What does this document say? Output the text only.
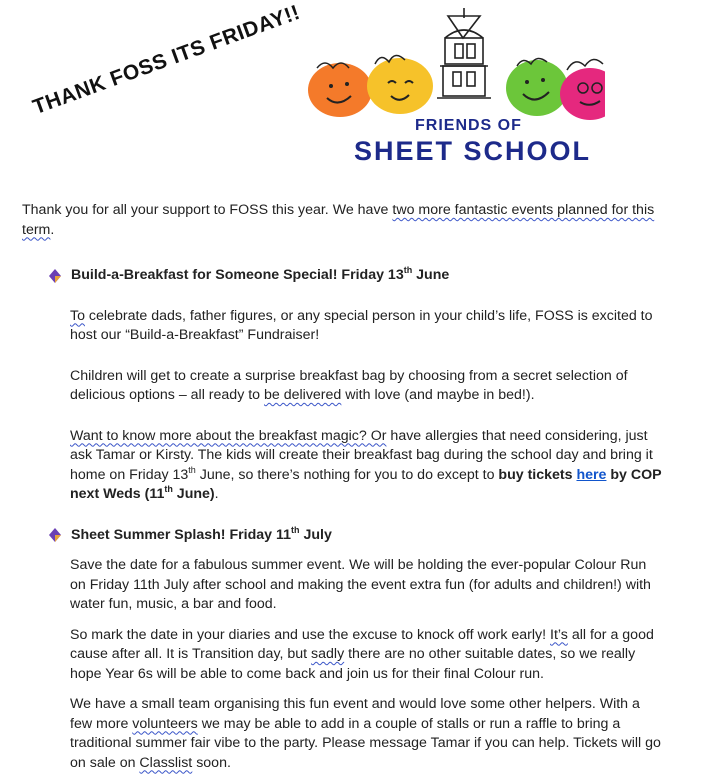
THANK FOSS ITS FRIDAY!!
FRIENDS OF
SHEET SCHOOL

Thank you for all your support to FOSS this year. We have two more fantastic events planned for this term.

Build-a-Breakfast for Someone Special! Friday 13th June

To celebrate dads, father figures, or any special person in your child’s life, FOSS is excited to host our “Build-a-Breakfast” Fundraiser!

Children will get to create a surprise breakfast bag by choosing from a secret selection of delicious options – all ready to be delivered with love (and maybe in bed!).

Want to know more about the breakfast magic? Or have allergies that need considering, just ask Tamar or Kirsty. The kids will create their breakfast bag during the school day and bring it home on Friday 13th June, so there’s nothing for you to do except to buy tickets here by COP next Weds (11th June).

Sheet Summer Splash! Friday 11th July

Save the date for a fabulous summer event. We will be holding the ever-popular Colour Run on Friday 11th July after school and making the event extra fun (for adults and children!) with water fun, music, a bar and food.

So mark the date in your diaries and use the excuse to knock off work early! It’s all for a good cause after all. It is Transition day, but sadly there are no other suitable dates, so we really hope Year 6s will be able to come back and join us for their final Colour run.

We have a small team organising this fun event and would love some other helpers. With a few more volunteers we may be able to add in a couple of stalls or run a raffle to bring a traditional summer fair vibe to the party. Please message Tamar if you can help. Tickets will go on sale on Classlist soon.
